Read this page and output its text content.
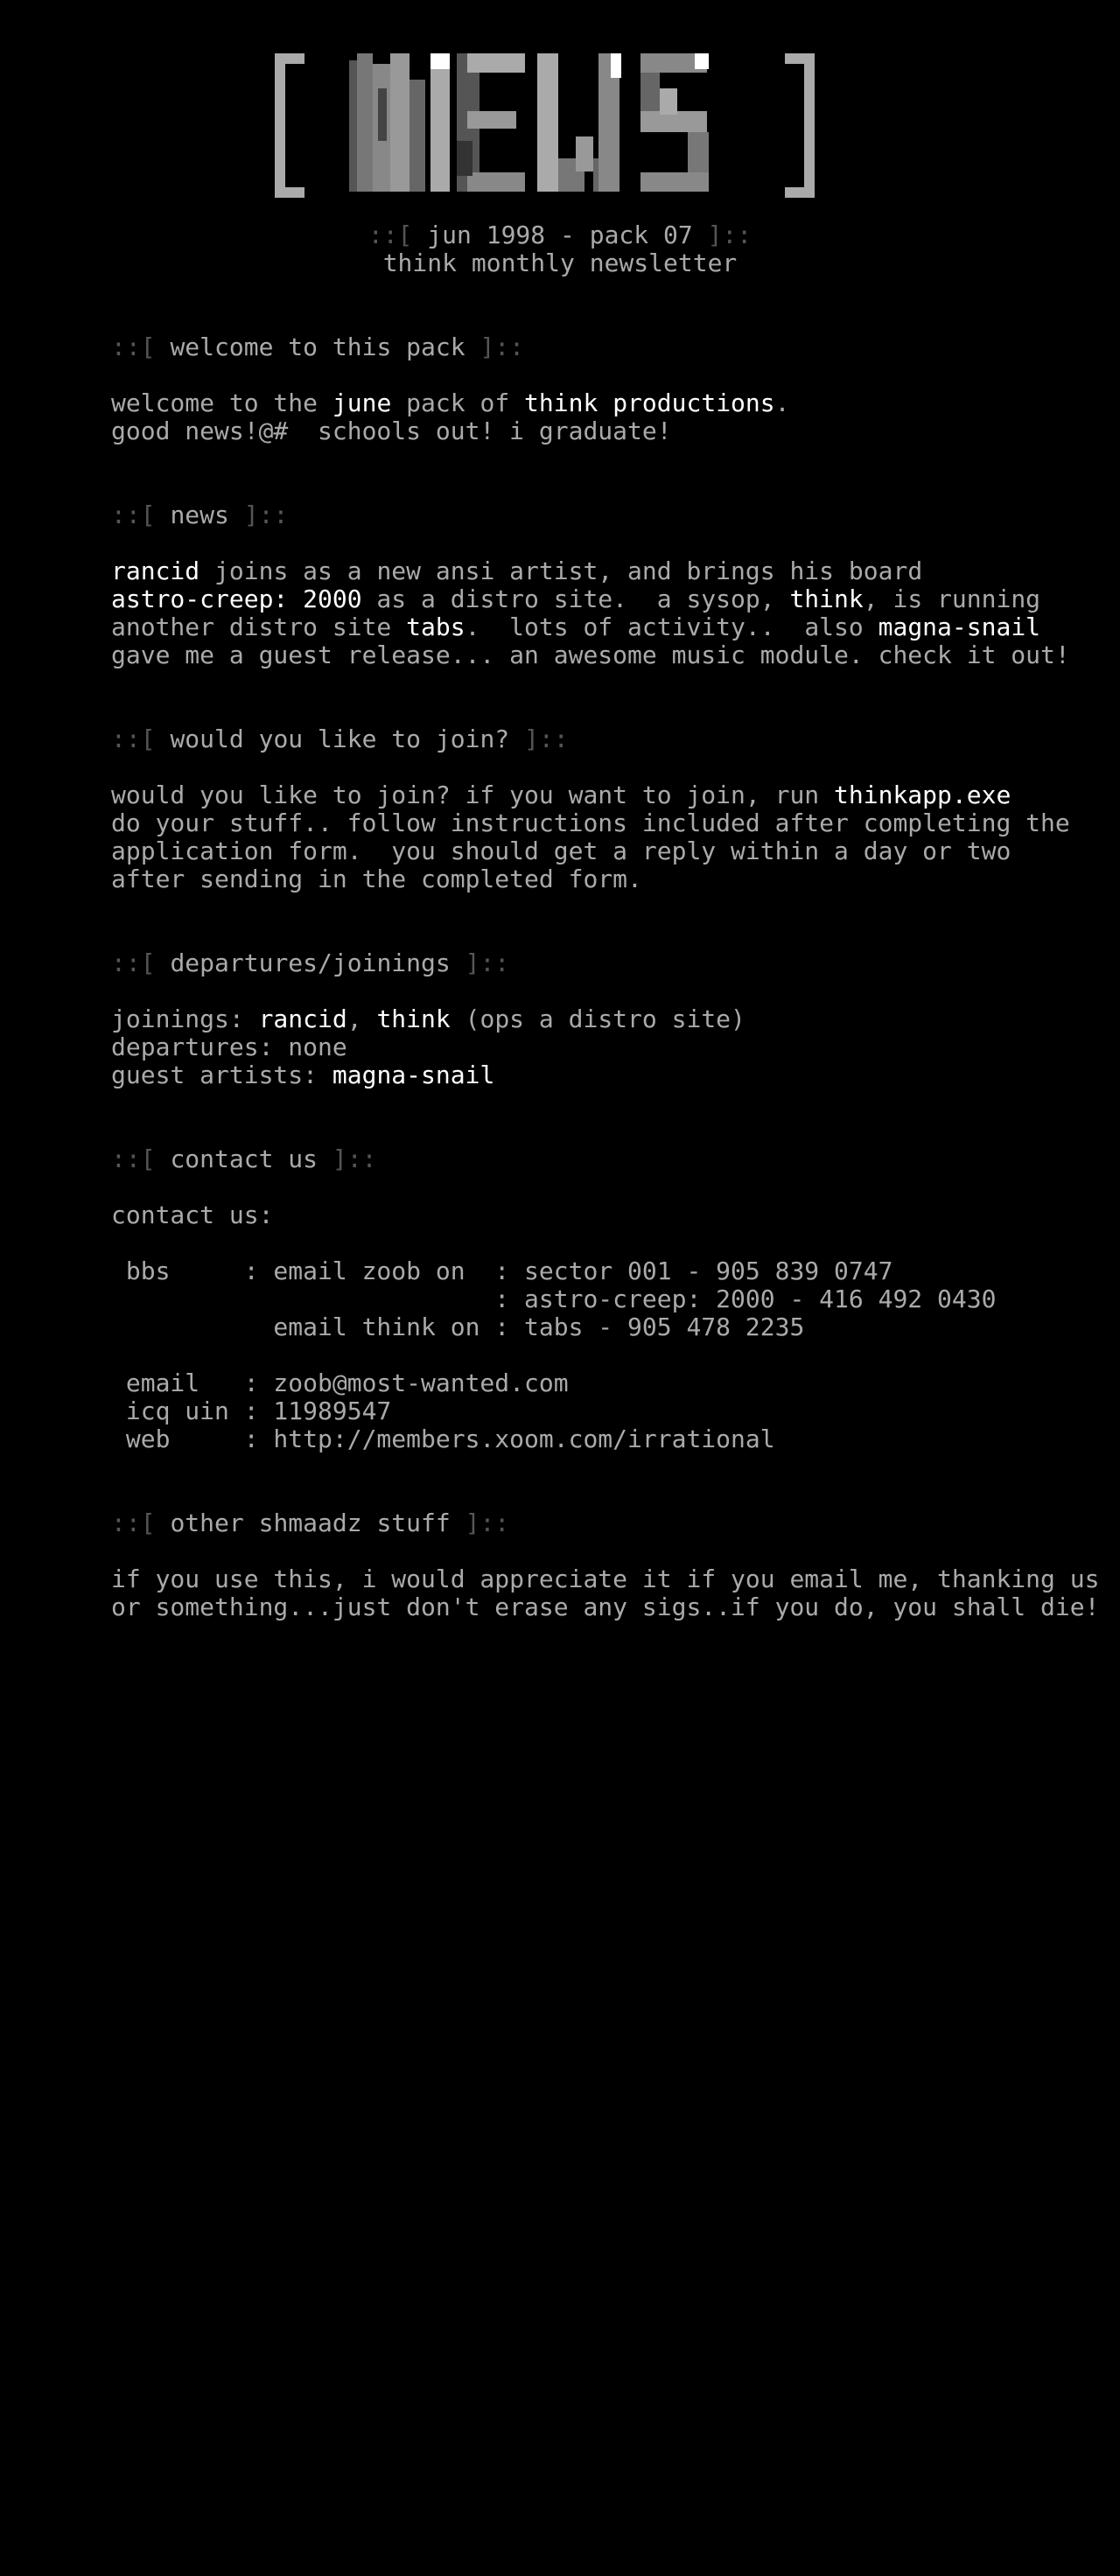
::[ jun 1998 - pack 07 ]::
think monthly newsletter
::[ welcome to this pack ]::
welcome to the june pack of think productions.
good news!@#  schools out! i graduate!
::[ news ]::
rancid joins as a new ansi artist, and brings his board
astro-creep: 2000 as a distro site.  a sysop, think, is running
another distro site tabs.  lots of activity..  also magna-snail
gave me a guest release... an awesome music module. check it out!
::[ would you like to join? ]::
would you like to join? if you want to join, run thinkapp.exe
do your stuff.. follow instructions included after completing the
application form.  you should get a reply within a day or two
after sending in the completed form.
::[ departures/joinings ]::
joinings: rancid, think (ops a distro site)
departures: none
guest artists: magna-snail
::[ contact us ]::
contact us:
bbs     : email zoob on  : sector 001 - 905 839 0747
: astro-creep: 2000 - 416 492 0430
email think on : tabs - 905 478 2235
email   : zoob@most-wanted.com
icq uin : 11989547
web     : http://members.xoom.com/irrational
::[ other shmaadz stuff ]::
if you use this, i would appreciate it if you email me, thanking us
or something...just don't erase any sigs..if you do, you shall die!
